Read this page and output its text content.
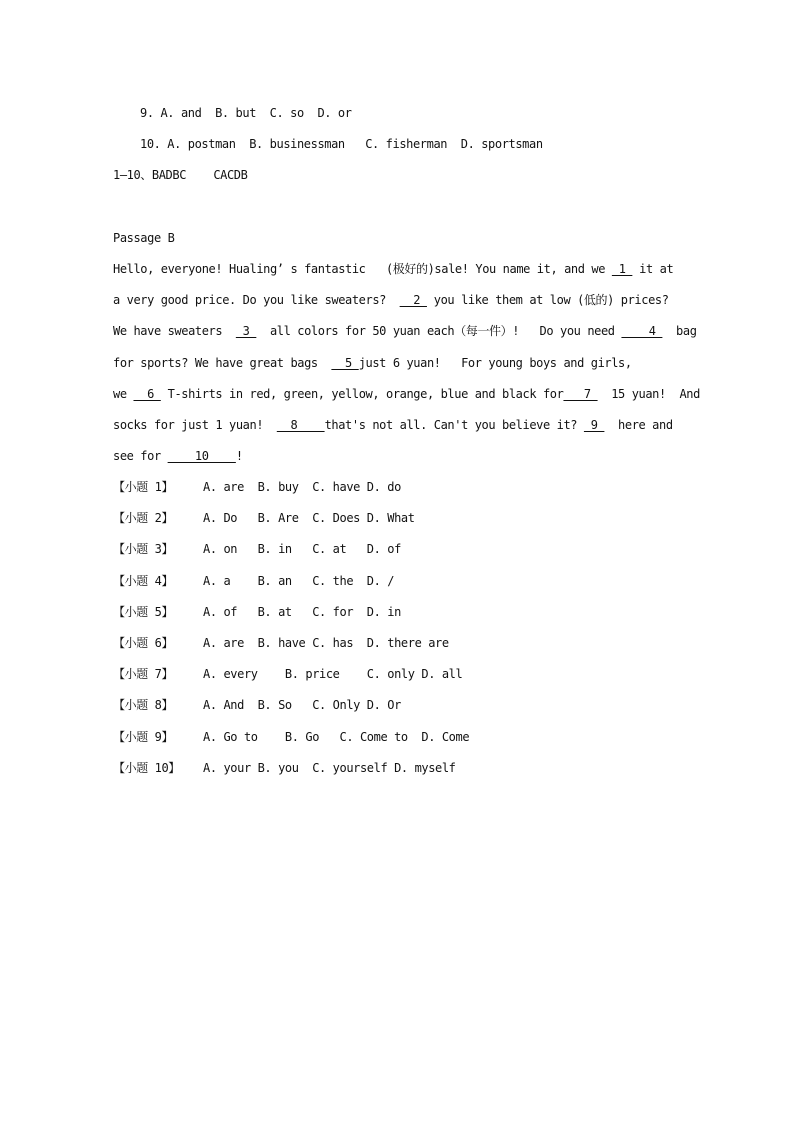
9. A. and  B. but  C. so  D. or
10. A. postman  B. businessman   C. fisherman  D. sportsman
1—10、BADBC    CACDB
Passage B
Hello, everyone! Hualing’ s fantastic   (极好的)sale! You name it, and we  1  it at
a very good price. Do you like sweaters?    2  you like them at low (低的) prices?
We have sweaters   3   all colors for 50 yuan each（每一件）!   Do you need     4   bag
for sports? We have great bags    5 just 6 yuan!   For young boys and girls,
we   6  T-shirts in red, green, yellow, orange, blue and black for   7   15 yuan!  And
socks for just 1 yuan!    8    that's not all. Can't you believe it?  9   here and
see for     10    !
【小题 1】 A. are  B. buy  C. have D. do
【小题 2】 A. Do   B. Are  C. Does D. What
【小题 3】 A. on   B. in   C. at   D. of
【小题 4】 A. a    B. an   C. the  D. /
【小题 5】 A. of   B. at   C. for  D. in
【小题 6】 A. are  B. have C. has  D. there are
【小题 7】 A. every    B. price    C. only D. all
【小题 8】 A. And  B. So   C. Only D. Or
【小题 9】 A. Go to    B. Go   C. Come to  D. Come
【小题 10】 A. your B. you  C. yourself D. myself
